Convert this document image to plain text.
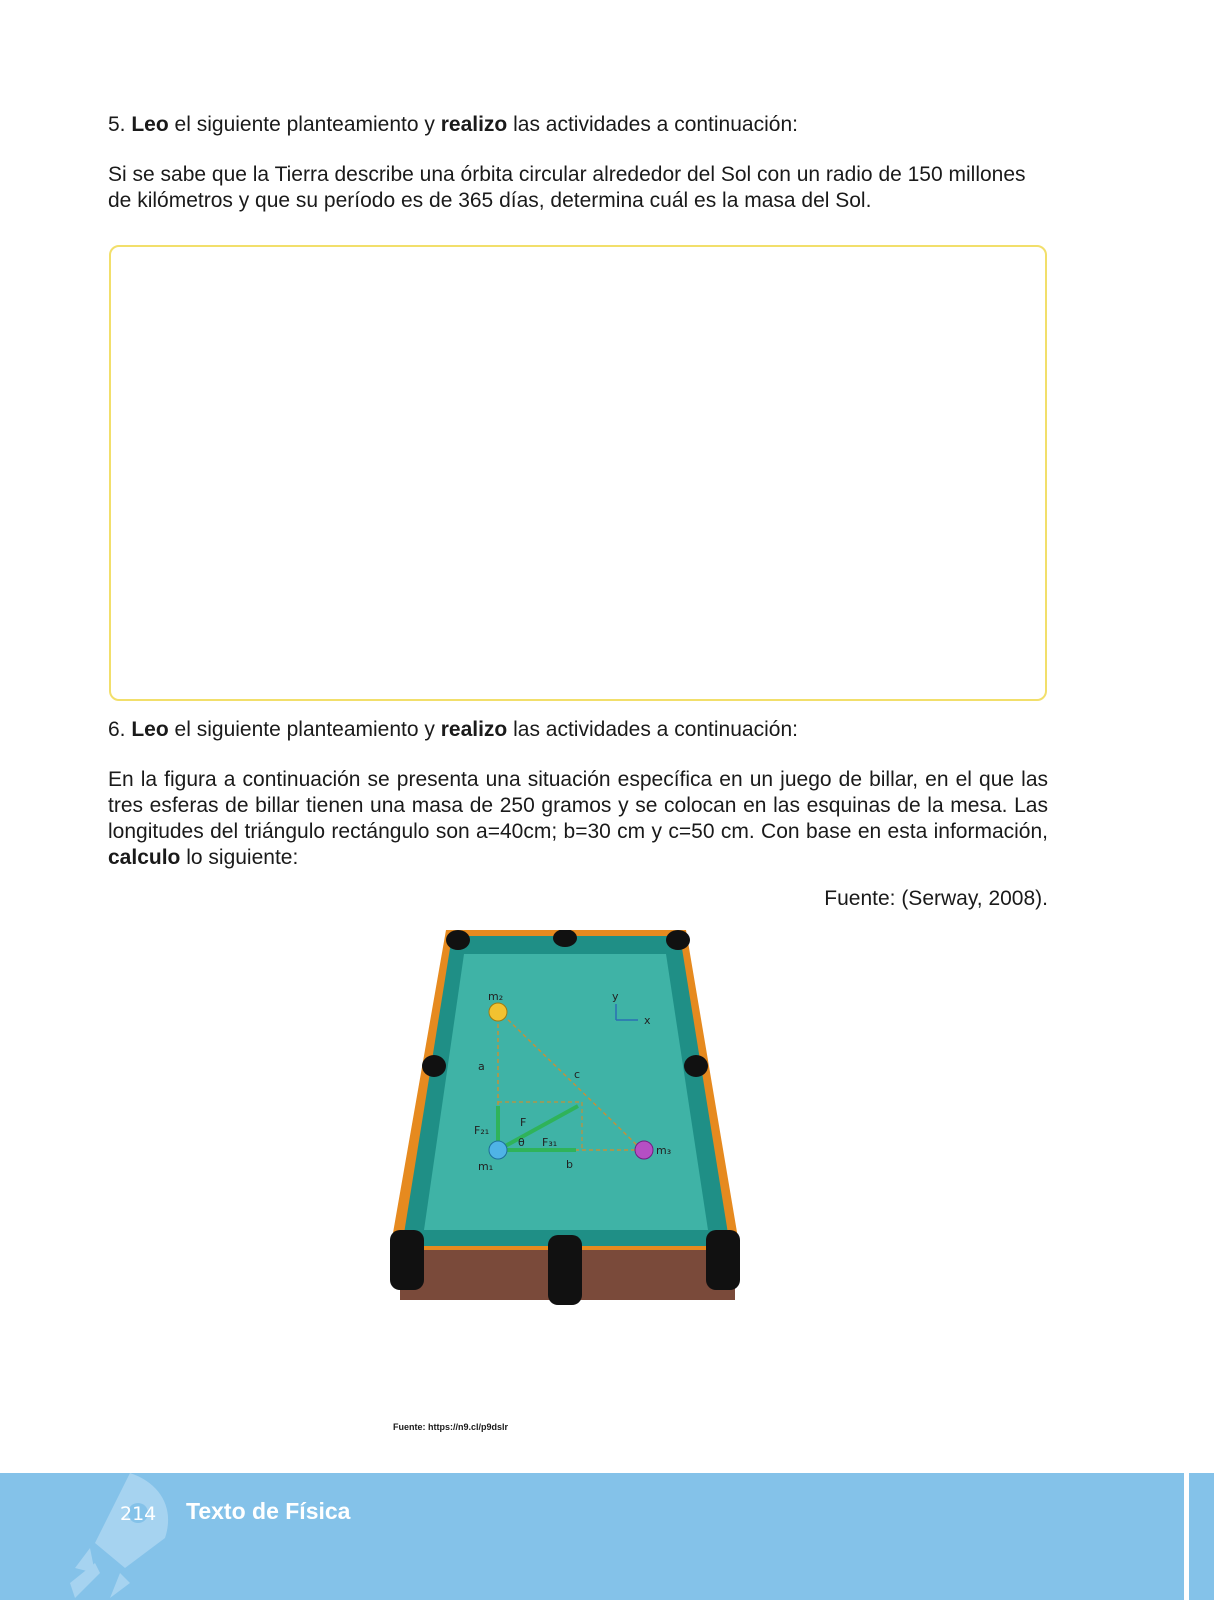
5. Leo el siguiente planteamiento y realizo las actividades a continuación:

Si se sabe que la Tierra describe una órbita circular alrededor del Sol con un radio de 150 millones de kilómetros y que su período es de 365 días, determina cuál es la masa del Sol.

6. Leo el siguiente planteamiento y realizo las actividades a continuación:

En la figura a continuación se presenta una situación específica en un juego de billar, en el que las tres esferas de billar tienen una masa de 250 gramos y se colocan en las esquinas de la mesa. Las longitudes del triángulo rectángulo son a=40cm; b=30 cm y c=50 cm. Con base en esta información, calculo lo siguiente:

Fuente: (Serway, 2008).
y
x
m₂
m₁
m₃
a
b
c
F₂₁
F
F₃₁
θ
Fuente: https://n9.cl/p9dslr
214 Texto de Física
